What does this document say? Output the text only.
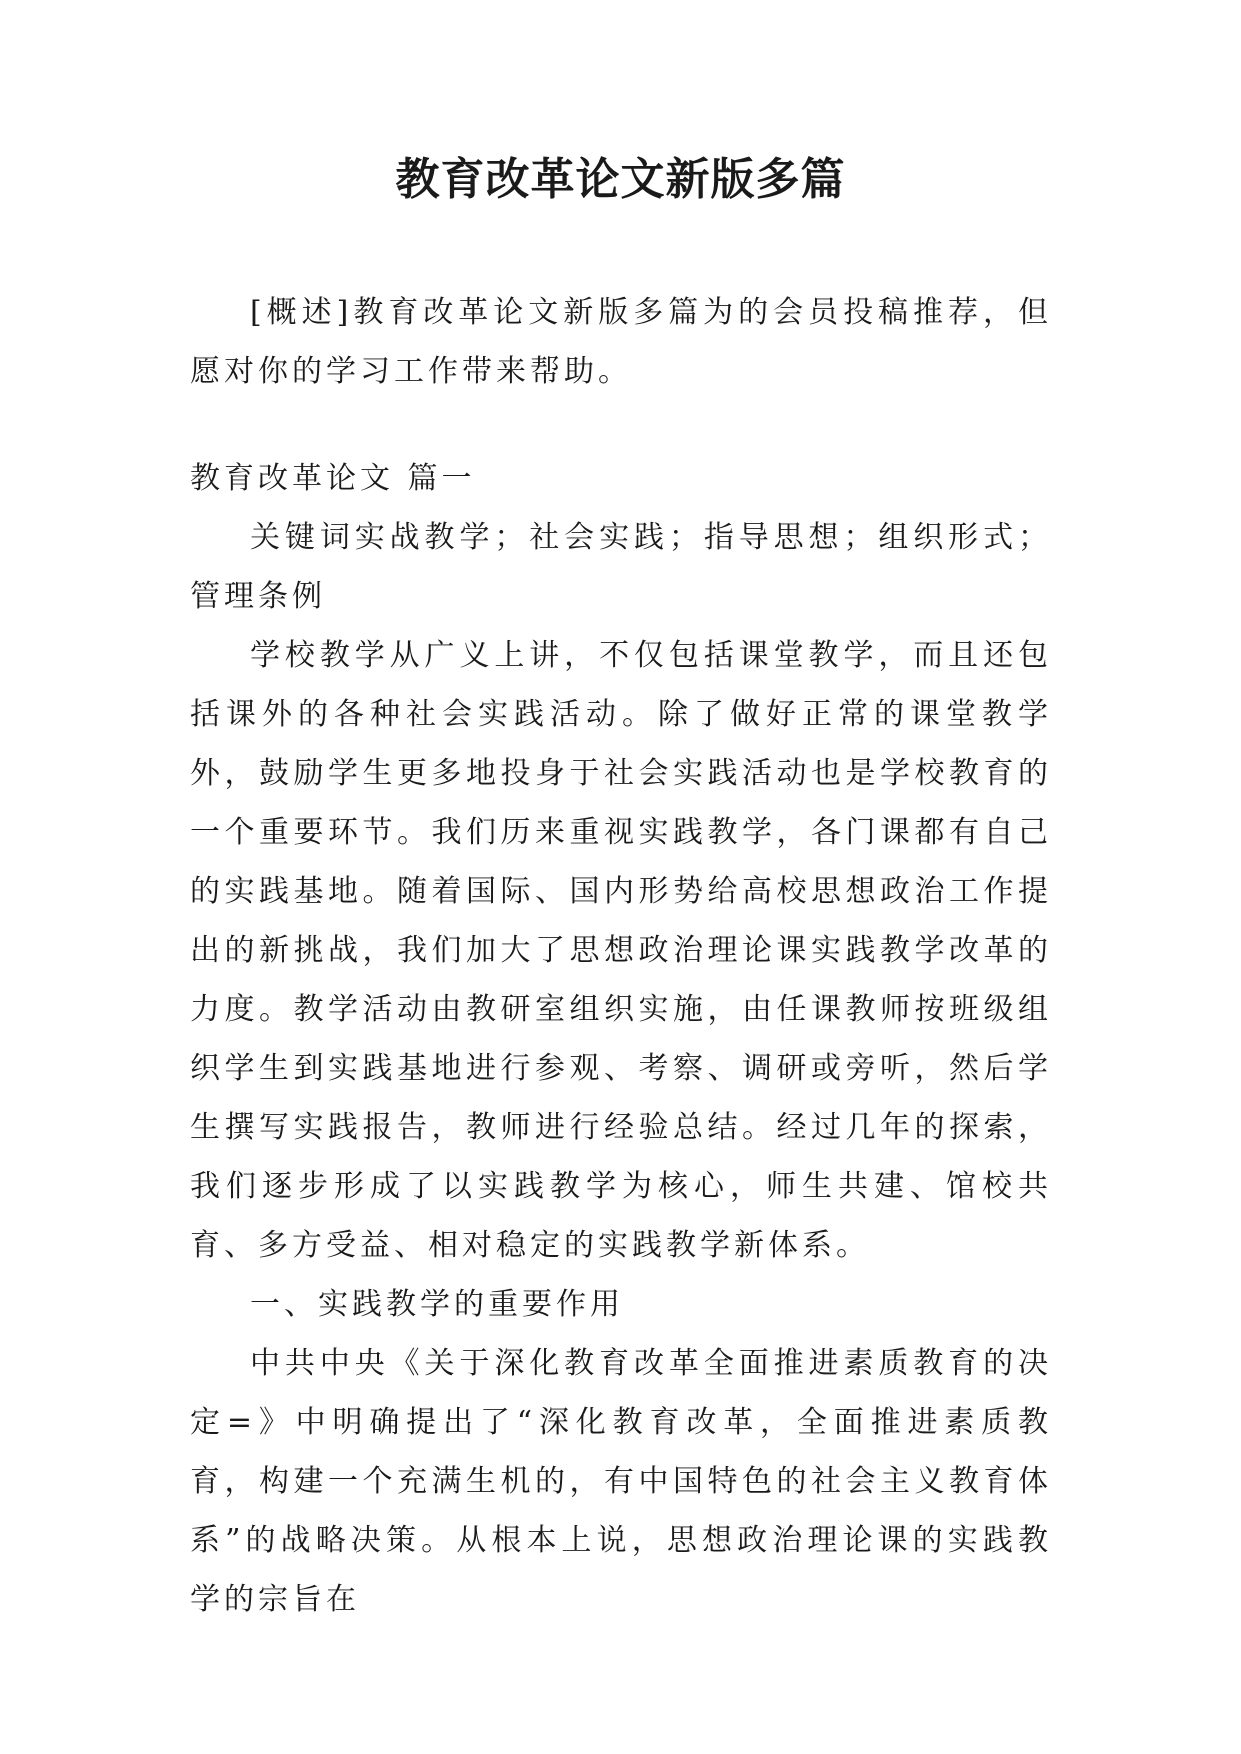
教育改革论文新版多篇

[概述]教育改革论文新版多篇为的会员投稿推荐，但愿对你的学习工作带来帮助。

教育改革论文 篇一

关键词实战教学；社会实践；指导思想；组织形式；管理条例

学校教学从广义上讲，不仅包括课堂教学，而且还包括课外的各种社会实践活动。除了做好正常的课堂教学外，鼓励学生更多地投身于社会实践活动也是学校教育的一个重要环节。我们历来重视实践教学，各门课都有自己的实践基地。随着国际、国内形势给高校思想政治工作提出的新挑战，我们加大了思想政治理论课实践教学改革的力度。教学活动由教研室组织实施，由任课教师按班级组织学生到实践基地进行参观、考察、调研或旁听，然后学生撰写实践报告，教师进行经验总结。经过几年的探索，我们逐步形成了以实践教学为核心，师生共建、馆校共育、多方受益、相对稳定的实践教学新体系。

一、实践教学的重要作用

中共中央《关于深化教育改革全面推进素质教育的决定=》中明确提出了“深化教育改革，全面推进素质教育，构建一个充满生机的，有中国特色的社会主义教育体系”的战略决策。从根本上说，思想政治理论课的实践教学的宗旨在
